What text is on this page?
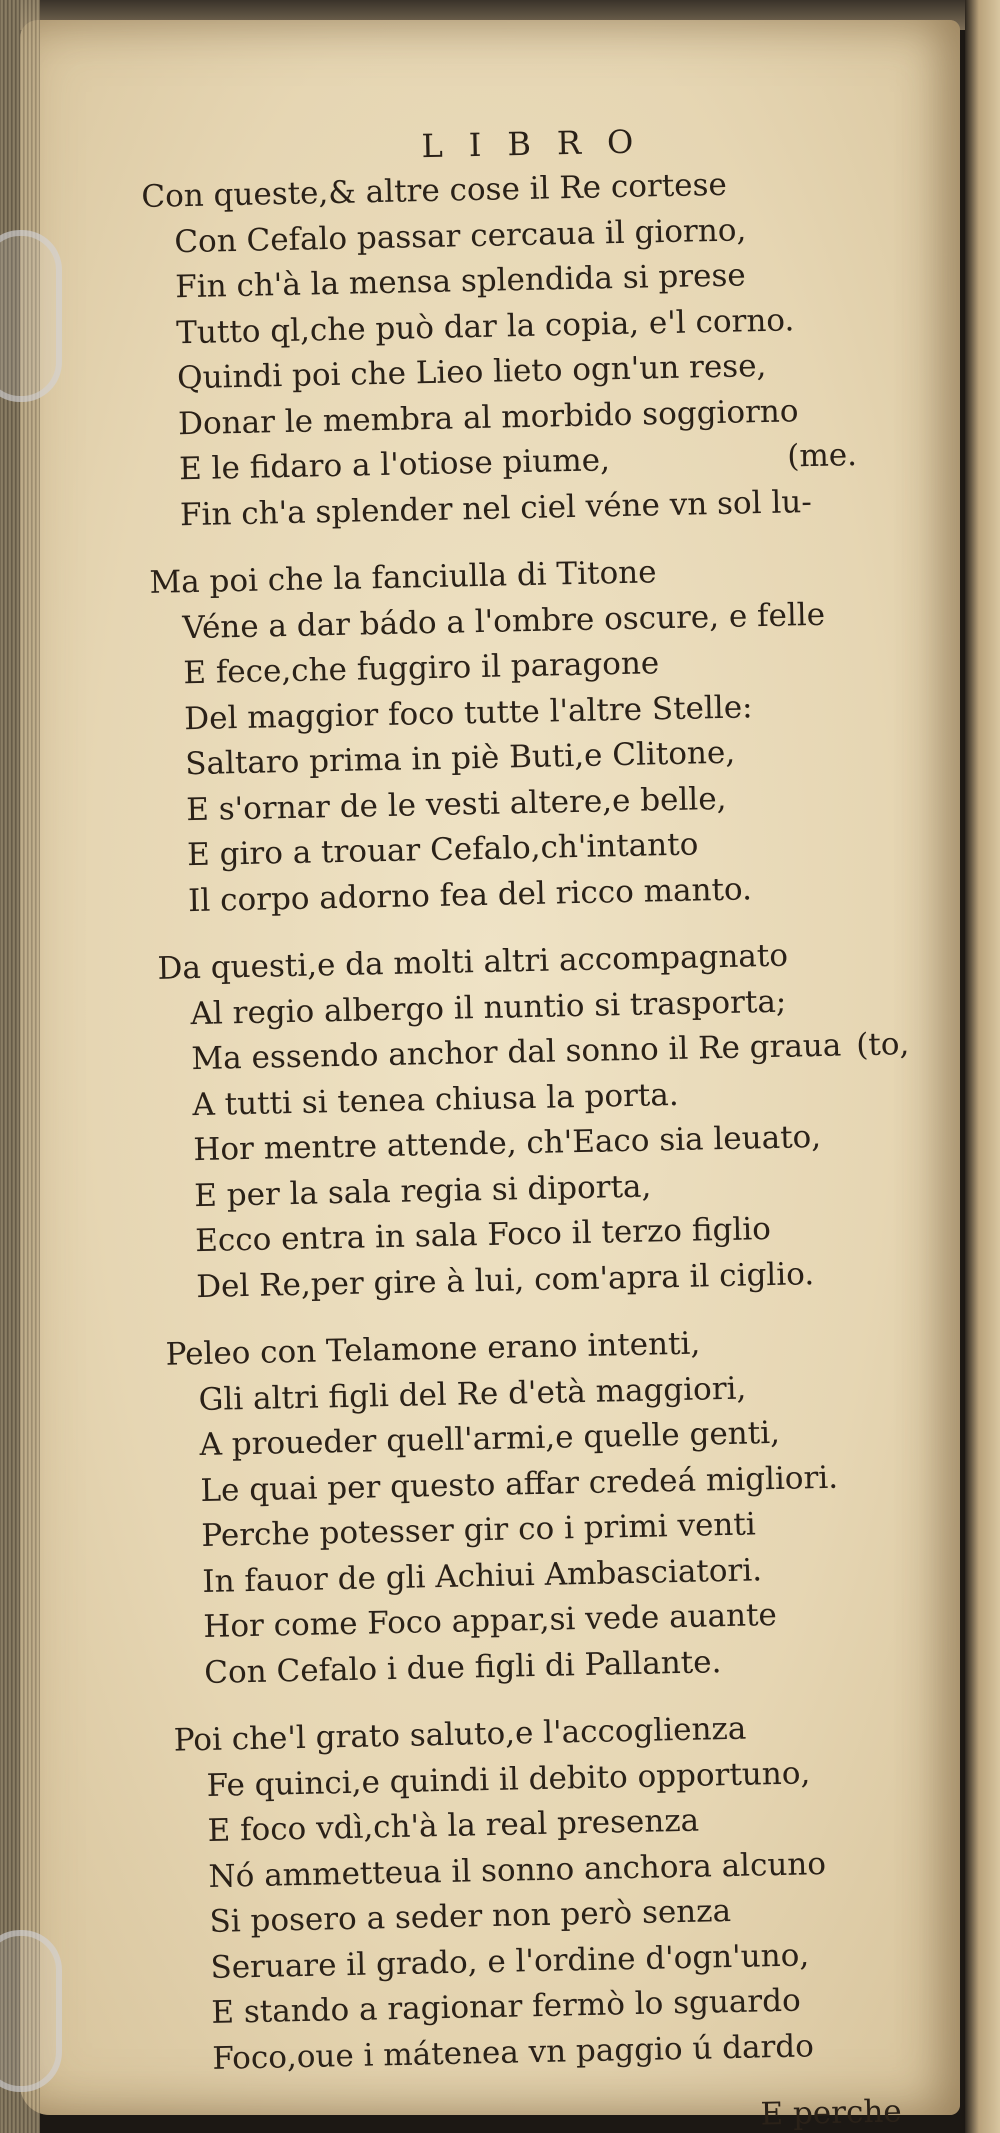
LIBRO
Con queste,& altre cose il Re cortese
Con Cefalo passar cercaua il giorno,
Fin ch'à la mensa splendida si prese
Tutto ql,che può dar la copia, e'l corno.
Quindi poi che Lieo lieto ogn'un rese,
Donar le membra al morbido soggiorno
E le fidaro a l'otiose piume,
Fin ch'a splender nel ciel véne vn sol lu-
(me.
Ma poi che la fanciulla di Titone
Véne a dar bádo a l'ombre oscure, e felle
E fece,che fuggiro il paragone
Del maggior foco tutte l'altre Stelle:
Saltaro prima in piè Buti,e Clitone,
E s'ornar de le vesti altere,e belle,
E giro a trouar Cefalo,ch'intanto
Il corpo adorno fea del ricco manto.
Da questi,e da molti altri accompagnato
Al regio albergo il nuntio si trasporta;
Ma essendo anchor dal sonno il Re graua
A tutti si tenea chiusa la porta.
Hor mentre attende, ch'Eaco sia leuato,
E per la sala regia si diporta,
Ecco entra in sala Foco il terzo figlio
Del Re,per gire à lui, com'apra il ciglio.
(to,
Peleo con Telamone erano intenti,
Gli altri figli del Re d'età maggiori,
A proueder quell'armi,e quelle genti,
Le quai per questo affar credeá migliori.
Perche potesser gir co i primi venti
In fauor de gli Achiui Ambasciatori.
Hor come Foco appar,si vede auante
Con Cefalo i due figli di Pallante.
Poi che'l grato saluto,e l'accoglienza
Fe quinci,e quindi il debito opportuno,
E foco vdì,ch'à la real presenza
Nó ammetteua il sonno anchora alcuno
Si posero a seder non però senza
Seruare il grado, e l'ordine d'ogn'uno,
E stando a ragionar fermò lo sguardo
Foco,oue i mátenea vn paggio ú dardo
E perche
